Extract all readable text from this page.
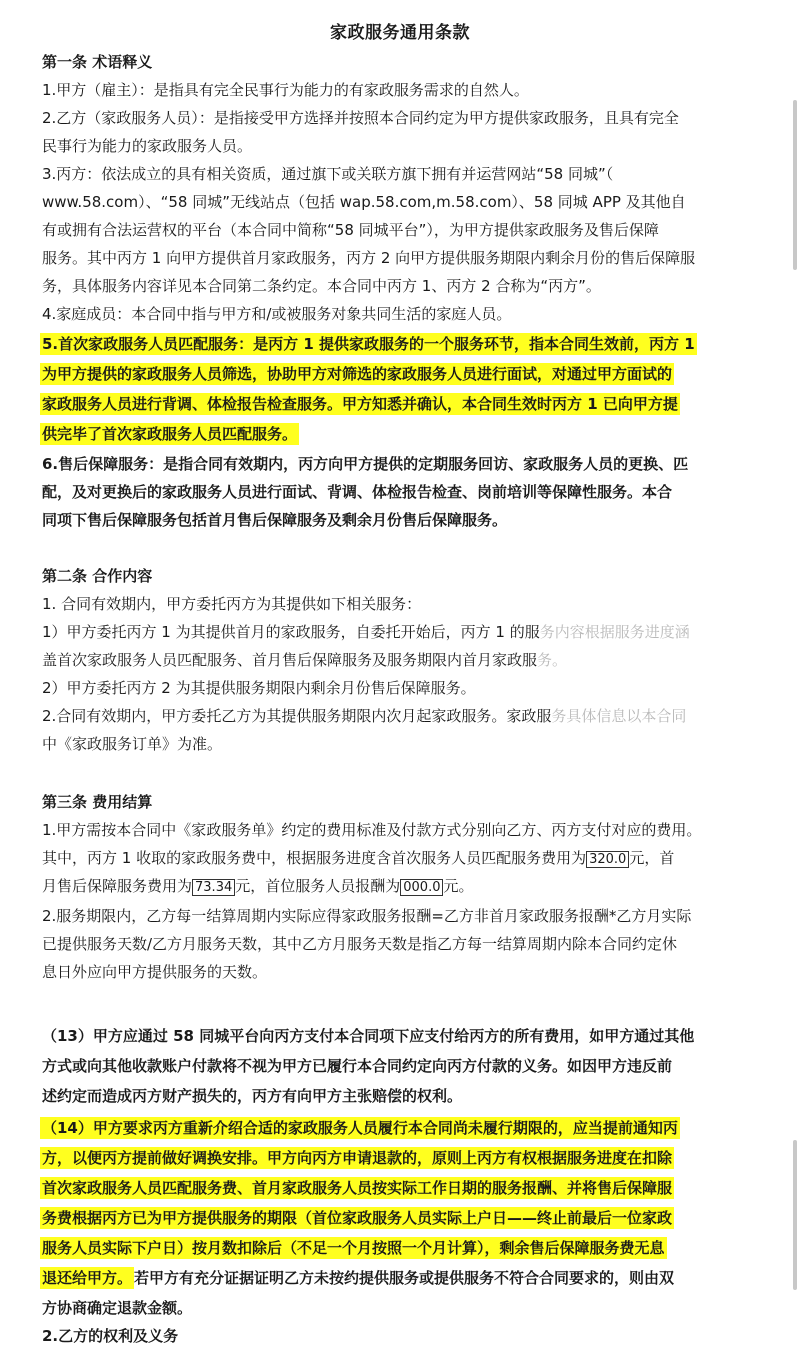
家政服务通用条款
第一条 术语释义
1.甲方（雇主）：是指具有完全民事行为能力的有家政服务需求的自然人。
2.乙方（家政服务人员）：是指接受甲方选择并按照本合同约定为甲方提供家政服务，且具有完全
民事行为能力的家政服务人员。
3.丙方：依法成立的具有相关资质，通过旗下或关联方旗下拥有并运营网站“58 同城”（
www.58.com）、“58 同城”无线站点（包括 wap.58.com,m.58.com）、58 同城 APP 及其他自
有或拥有合法运营权的平台（本合同中简称“58 同城平台”），为甲方提供家政服务及售后保障
服务。其中丙方 1 向甲方提供首月家政服务，丙方 2 向甲方提供服务期限内剩余月份的售后保障服
务，具体服务内容详见本合同第二条约定。本合同中丙方 1、丙方 2 合称为“丙方”。
4.家庭成员：本合同中指与甲方和/或被服务对象共同生活的家庭人员。
5.首次家政服务人员匹配服务：是丙方 1 提供家政服务的一个服务环节，指本合同生效前，丙方 1
为甲方提供的家政服务人员筛选，协助甲方对筛选的家政服务人员进行面试，对通过甲方面试的
家政服务人员进行背调、体检报告检查服务。甲方知悉并确认，本合同生效时丙方 1 已向甲方提
供完毕了首次家政服务人员匹配服务。
6.售后保障服务：是指合同有效期内，丙方向甲方提供的定期服务回访、家政服务人员的更换、匹
配，及对更换后的家政服务人员进行面试、背调、体检报告检查、岗前培训等保障性服务。本合
同项下售后保障服务包括首月售后保障服务及剩余月份售后保障服务。
第二条 合作内容
1. 合同有效期内，甲方委托丙方为其提供如下相关服务：
1）甲方委托丙方 1 为其提供首月的家政服务，自委托开始后，丙方 1 的服务内容根据服务进度涵
盖首次家政服务人员匹配服务、首月售后保障服务及服务期限内首月家政服务。
2）甲方委托丙方 2 为其提供服务期限内剩余月份售后保障服务。
2.合同有效期内，甲方委托乙方为其提供服务期限内次月起家政服务。家政服务具体信息以本合同
中《家政服务订单》为准。
第三条 费用结算
1.甲方需按本合同中《家政服务单》约定的费用标准及付款方式分别向乙方、丙方支付对应的费用。
其中，丙方 1 收取的家政服务费中，根据服务进度含首次服务人员匹配服务费用为 320.0 元，首
月售后保障服务费用为 73.34 元，首位服务人员报酬为 000.0 元。
2.服务期限内，乙方每一结算周期内实际应得家政服务报酬=乙方非首月家政服务报酬*乙方月实际
已提供服务天数/乙方月服务天数，其中乙方月服务天数是指乙方每一结算周期内除本合同约定休
息日外应向甲方提供服务的天数。
（13）甲方应通过 58 同城平台向丙方支付本合同项下应支付给丙方的所有费用，如甲方通过其他
方式或向其他收款账户付款将不视为甲方已履行本合同约定向丙方付款的义务。如因甲方违反前
述约定而造成丙方财产损失的，丙方有向甲方主张赔偿的权利。
（14）甲方要求丙方重新介绍合适的家政服务人员履行本合同尚未履行期限的，应当提前通知丙
方，以便丙方提前做好调换安排。甲方向丙方申请退款的，原则上丙方有权根据服务进度在扣除
首次家政服务人员匹配服务费、首月家政服务人员按实际工作日期的服务报酬、并将售后保障服
务费根据丙方已为甲方提供服务的期限（首位家政服务人员实际上户日——终止前最后一位家政
服务人员实际下户日）按月数扣除后（不足一个月按照一个月计算），剩余售后保障服务费无息
退还给甲方。 若甲方有充分证据证明乙方未按约提供服务或提供服务不符合合同要求的，则由双
方协商确定退款金额。
2.乙方的权利及义务
